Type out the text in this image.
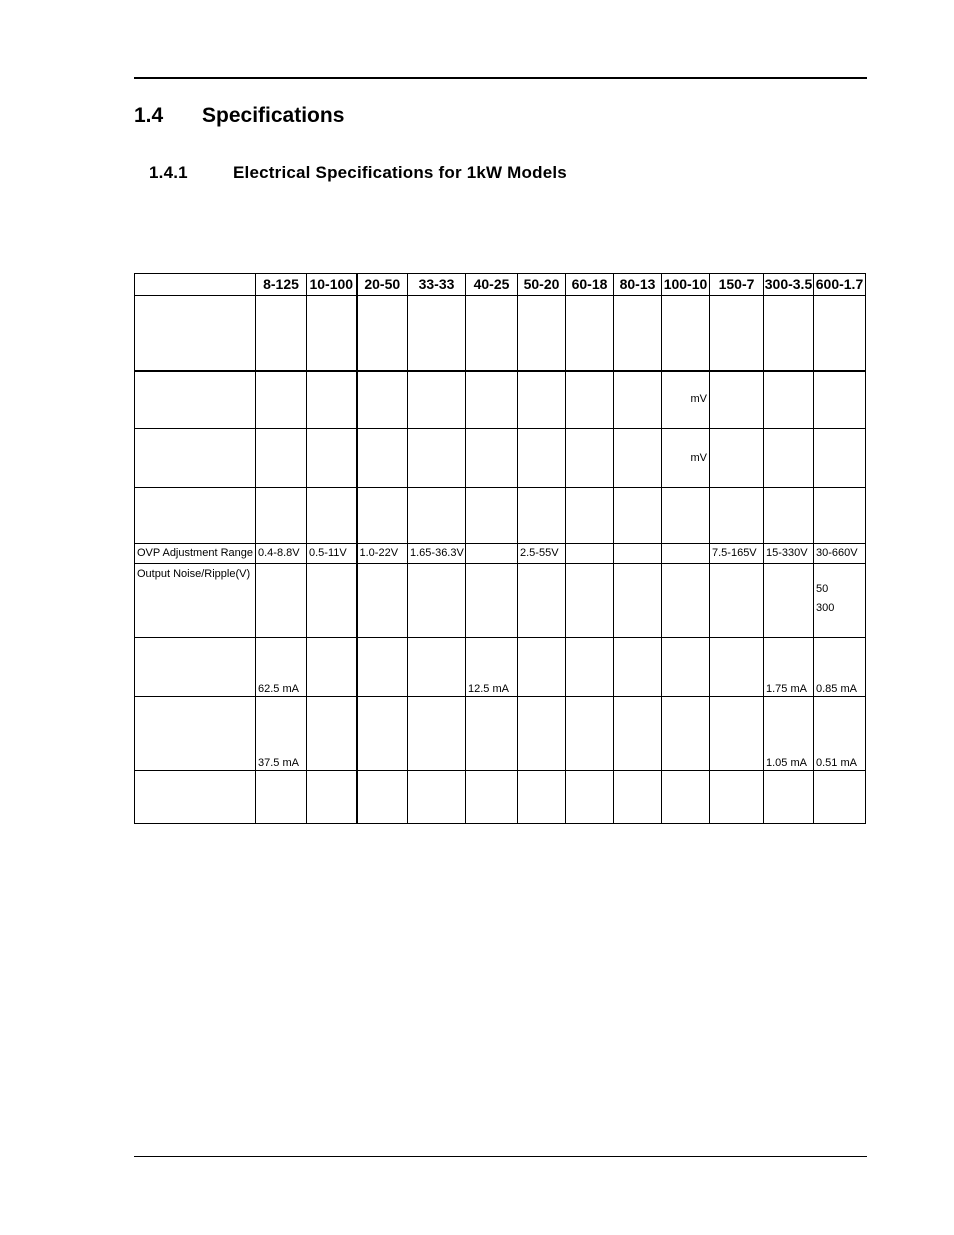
1.4 Specifications
1.4.1	Electrical Specifications for 1kW Models
	8-125	10-100	20-50	33-33	40-25	50-20	60-18	80-13	100-10	150-7	300-3.5	600-1.7

									mV			
									mV			

OVP Adjustment Range	0.4-8.8V	0.5-11V	1.0-22V	1.65-36.3V		2.5-55V				7.5-165V	15-330V	30-660V
Output Noise/Ripple(V)												50
300

	62.5 mA				12.5 mA						1.75 mA	0.85 mA
	37.5 mA										1.05 mA	0.51 mA
